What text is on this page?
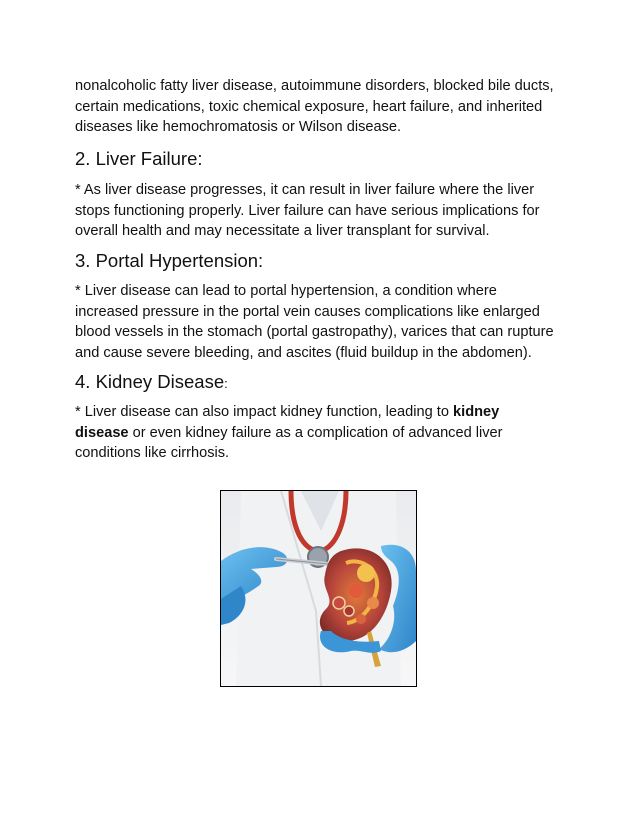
nonalcoholic fatty liver disease, autoimmune disorders, blocked bile ducts,
certain medications, toxic chemical exposure, heart failure, and inherited
diseases like hemochromatosis or Wilson disease.

2. Liver Failure:

* As liver disease progresses, it can result in liver failure where the liver
stops functioning properly. Liver failure can have serious implications for
overall health and may necessitate a liver transplant for survival.

3. Portal Hypertension:

* Liver disease can lead to portal hypertension, a condition where
increased pressure in the portal vein causes complications like enlarged
blood vessels in the stomach (portal gastropathy), varices that can rupture
and cause severe bleeding, and ascites (fluid buildup in the abdomen).

4. Kidney Disease:

* Liver disease can also impact kidney function, leading to kidney
disease or even kidney failure as a complication of advanced liver
conditions like cirrhosis.
